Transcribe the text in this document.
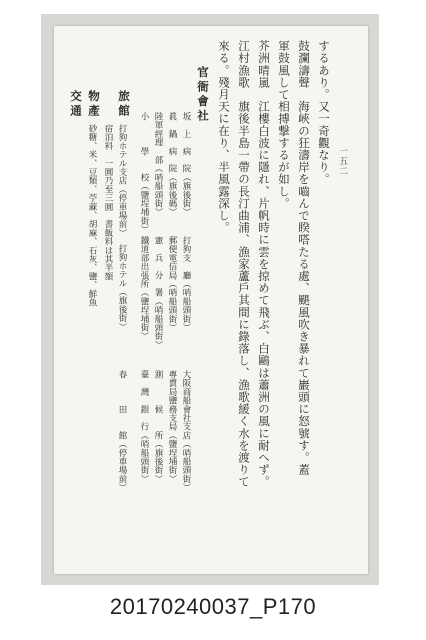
一五二
するあり。又一奇觀なり。
鼓瀾濤聲　海峽の狂濤岸を嚙んで睽嗒たる處、颶風吹き暴れて巖頭に怒號す。蓋
軍鼓風して相搏撃するが如し。
芥洲晴嵐　江樓白波に隱れ、片帆時に雲を掠めて飛ぶ、白鷗は蕭洲の風に耐へず。
江村漁歌　旗後半島一帶の長汀曲浦、漁家蘆戶其間に錄落し、漁歌緩く水を渡りて
來る。殘月天に在り、半風露深し。
官衙會社
坂　上　病　院（旗後街）
眞　鍋　病　院（旗後碼）
陸軍經理　部（哨船頭街）
小　　　學　　校（鹽埕埔街）
打狗支　廳（哨船頭街）
郵便電信局（哨船頭街）
憲　兵　分　署（哨船頭街）
鐵道部出張所（鹽埕埔街）
大阪商船會社支店（哨船頭街）
專賣局鹽務支局（鹽埕埔街）
測　　　候　　所（旗後街）
臺　灣　銀　行（哨船頭街）
旅館
打狗ホテル支店（停車場前）
打狗ホテル（旗後街）
春　　　田　　館（停車場前）
宿泊料　一圓乃至三圓　書飯料は其半額
物產
砂糖、米、豆類、苧蔴、胡麻、石灰、鹽、鮮魚
交通
20170240037_P170
